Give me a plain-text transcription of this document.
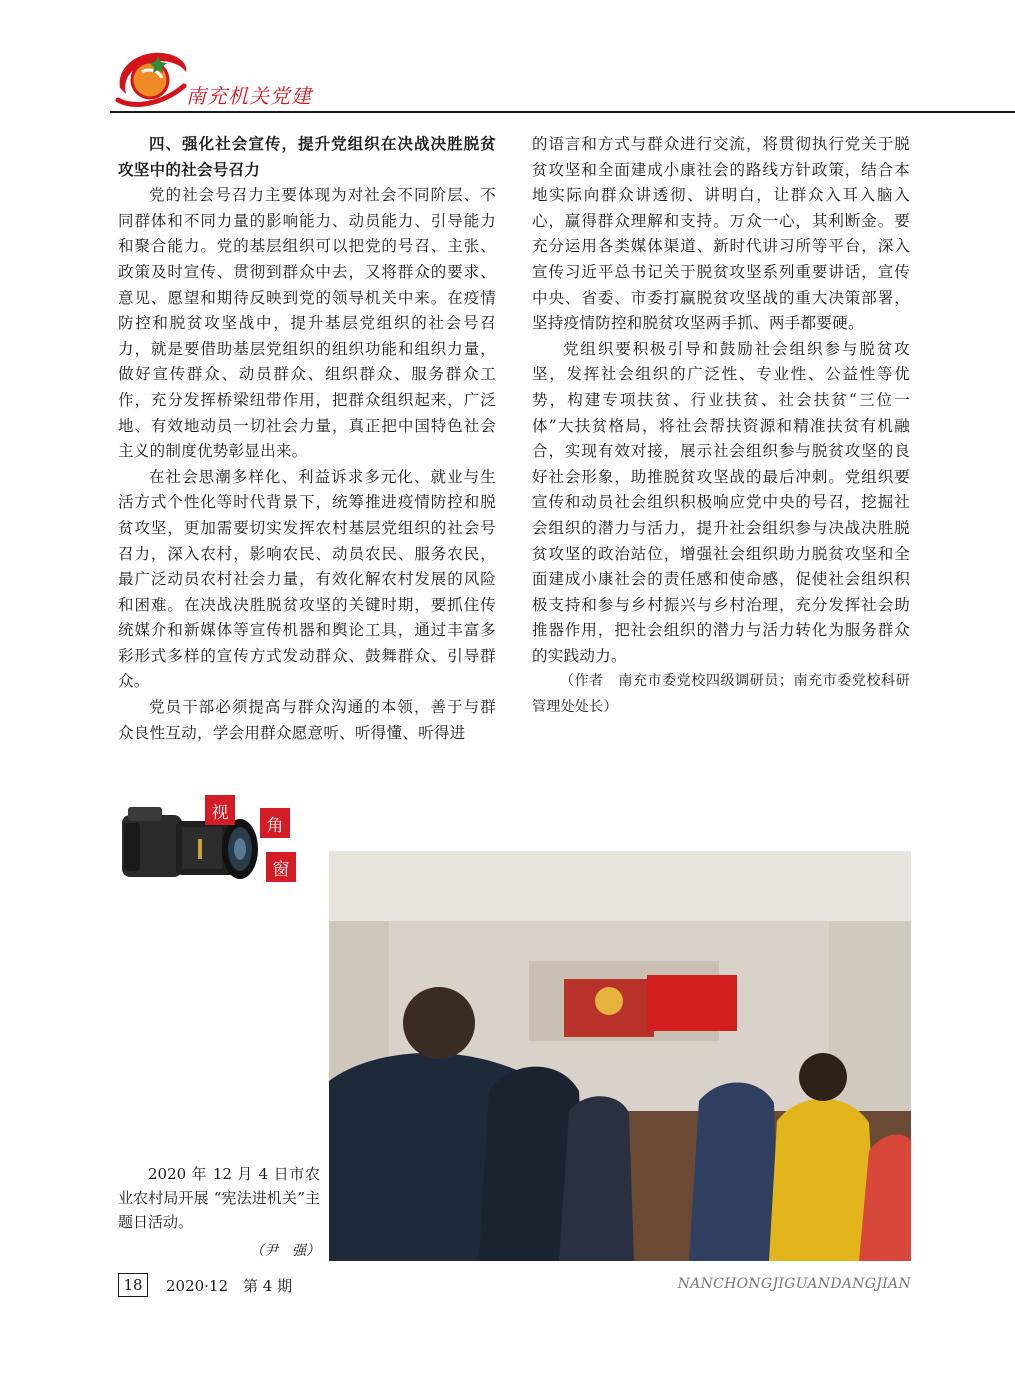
南充机关党建
四、强化社会宣传，提升党组织在决战决胜脱贫攻坚中的社会号召力

党的社会号召力主要体现为对社会不同阶层、不同群体和不同力量的影响能力、动员能力、引导能力和聚合能力。党的基层组织可以把党的号召、主张、政策及时宣传、贯彻到群众中去，又将群众的要求、意见、愿望和期待反映到党的领导机关中来。在疫情防控和脱贫攻坚战中，提升基层党组织的社会号召力，就是要借助基层党组织的组织功能和组织力量，做好宣传群众、动员群众、组织群众、服务群众工作，充分发挥桥梁纽带作用，把群众组织起来，广泛地、有效地动员一切社会力量，真正把中国特色社会主义的制度优势彰显出来。

在社会思潮多样化、利益诉求多元化、就业与生活方式个性化等时代背景下，统筹推进疫情防控和脱贫攻坚，更加需要切实发挥农村基层党组织的社会号召力，深入农村，影响农民、动员农民、服务农民，最广泛动员农村社会力量，有效化解农村发展的风险和困难。在决战决胜脱贫攻坚的关键时期，要抓住传统媒介和新媒体等宣传机器和舆论工具，通过丰富多彩形式多样的宣传方式发动群众、鼓舞群众、引导群众。

党员干部必须提高与群众沟通的本领，善于与群众良性互动，学会用群众愿意听、听得懂、听得进

的语言和方式与群众进行交流，将贯彻执行党关于脱贫攻坚和全面建成小康社会的路线方针政策，结合本地实际向群众讲透彻、讲明白，让群众入耳入脑入心，赢得群众理解和支持。万众一心，其利断金。要充分运用各类媒体渠道、新时代讲习所等平台，深入宣传习近平总书记关于脱贫攻坚系列重要讲话，宣传中央、省委、市委打赢脱贫攻坚战的重大决策部署，坚持疫情防控和脱贫攻坚两手抓、两手都要硬。

党组织要积极引导和鼓励社会组织参与脱贫攻坚，发挥社会组织的广泛性、专业性、公益性等优势，构建专项扶贫、行业扶贫、社会扶贫“三位一体”大扶贫格局，将社会帮扶资源和精准扶贫有机融合，实现有效对接，展示社会组织参与脱贫攻坚的良好社会形象，助推脱贫攻坚战的最后冲刺。党组织要宣传和动员社会组织积极响应党中央的号召，挖掘社会组织的潜力与活力，提升社会组织参与决战决胜脱贫攻坚的政治站位，增强社会组织助力脱贫攻坚和全面建成小康社会的责任感和使命感，促使社会组织积极支持和参与乡村振兴与乡村治理，充分发挥社会助推器作用，把社会组织的潜力与活力转化为服务群众的实践动力。

（作者　南充市委党校四级调研员；南充市委党校科研管理处处长）

视
角
窗

2020 年 12 月 4 日市农业农村局开展 “宪法进机关”主题日活动。

（尹　强）
18	2020·12　第 4 期	NANCHONGJIGUANDANGJIAN
